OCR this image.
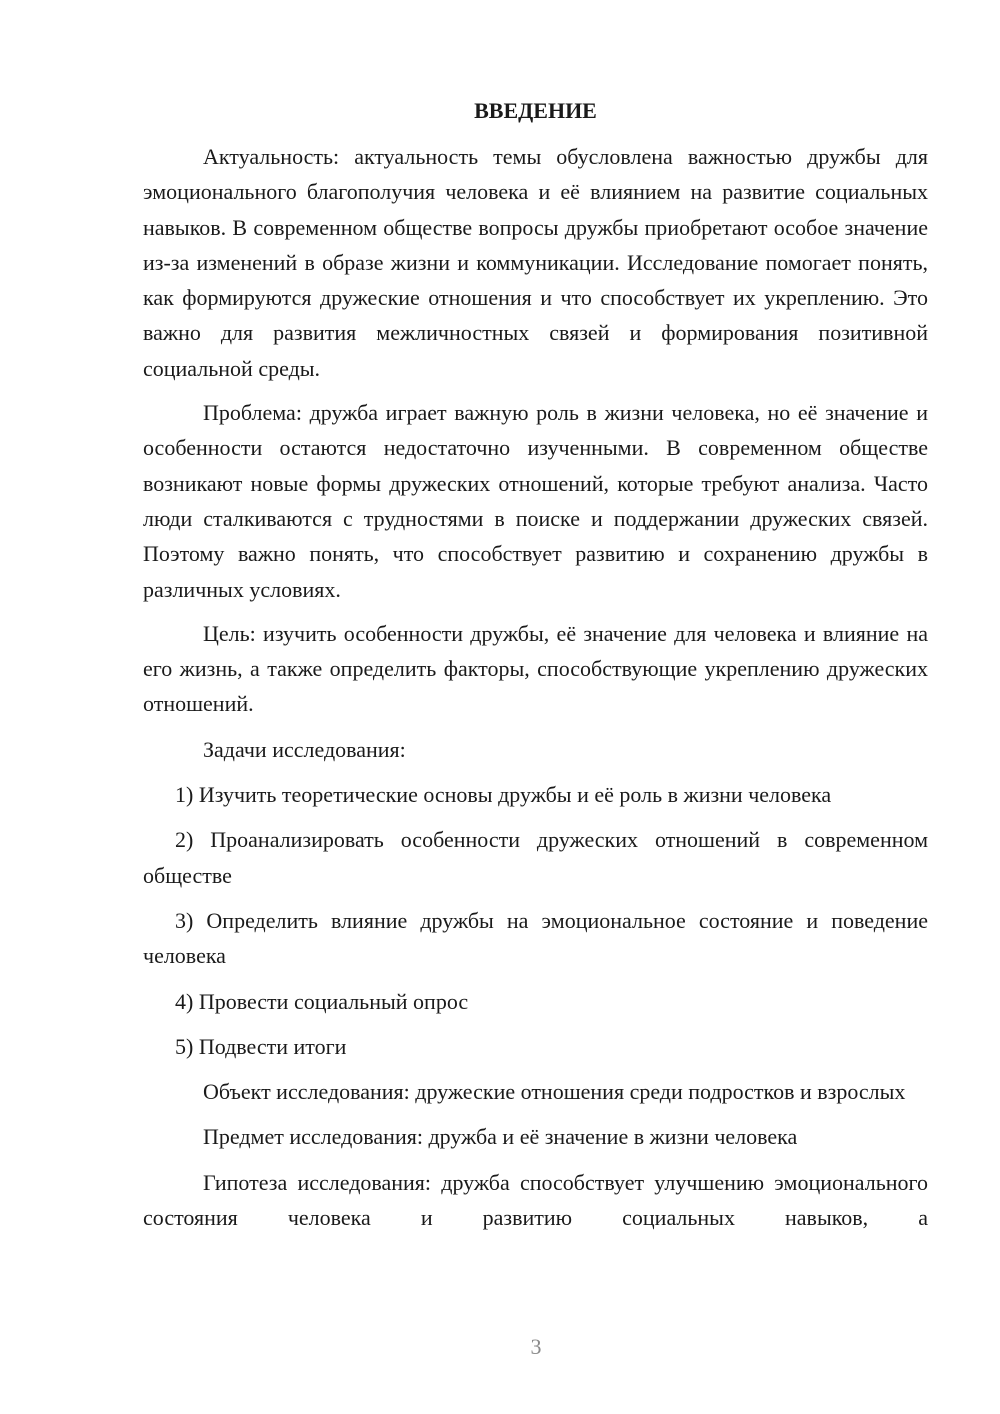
ВВЕДЕНИЕ

Актуальность: актуальность темы обусловлена важностью дружбы для эмоционального благополучия человека и её влиянием на развитие социальных навыков. В современном обществе вопросы дружбы приобретают особое значение из-за изменений в образе жизни и коммуникации. Исследование помогает понять, как формируются дружеские отношения и что способствует их укреплению. Это важно для развития межличностных связей и формирования позитивной социальной среды.

Проблема: дружба играет важную роль в жизни человека, но её значение и особенности остаются недостаточно изученными. В современном обществе возникают новые формы дружеских отношений, которые требуют анализа. Часто люди сталкиваются с трудностями в поиске и поддержании дружеских связей. Поэтому важно понять, что способствует развитию и сохранению дружбы в различных условиях.

Цель: изучить особенности дружбы, её значение для человека и влияние на его жизнь, а также определить факторы, способствующие укреплению дружеских отношений.

Задачи исследования:

1) Изучить теоретические основы дружбы и её роль в жизни человека

2) Проанализировать особенности дружеских отношений в современном обществе

3) Определить влияние дружбы на эмоциональное состояние и поведение человека

4) Провести социальный опрос

5) Подвести итоги

Объект исследования: дружеские отношения среди подростков и взрослых

Предмет исследования: дружба и её значение в жизни человека

Гипотеза исследования: дружба способствует улучшению эмоционального состояния человека и развитию социальных навыков, а

3
